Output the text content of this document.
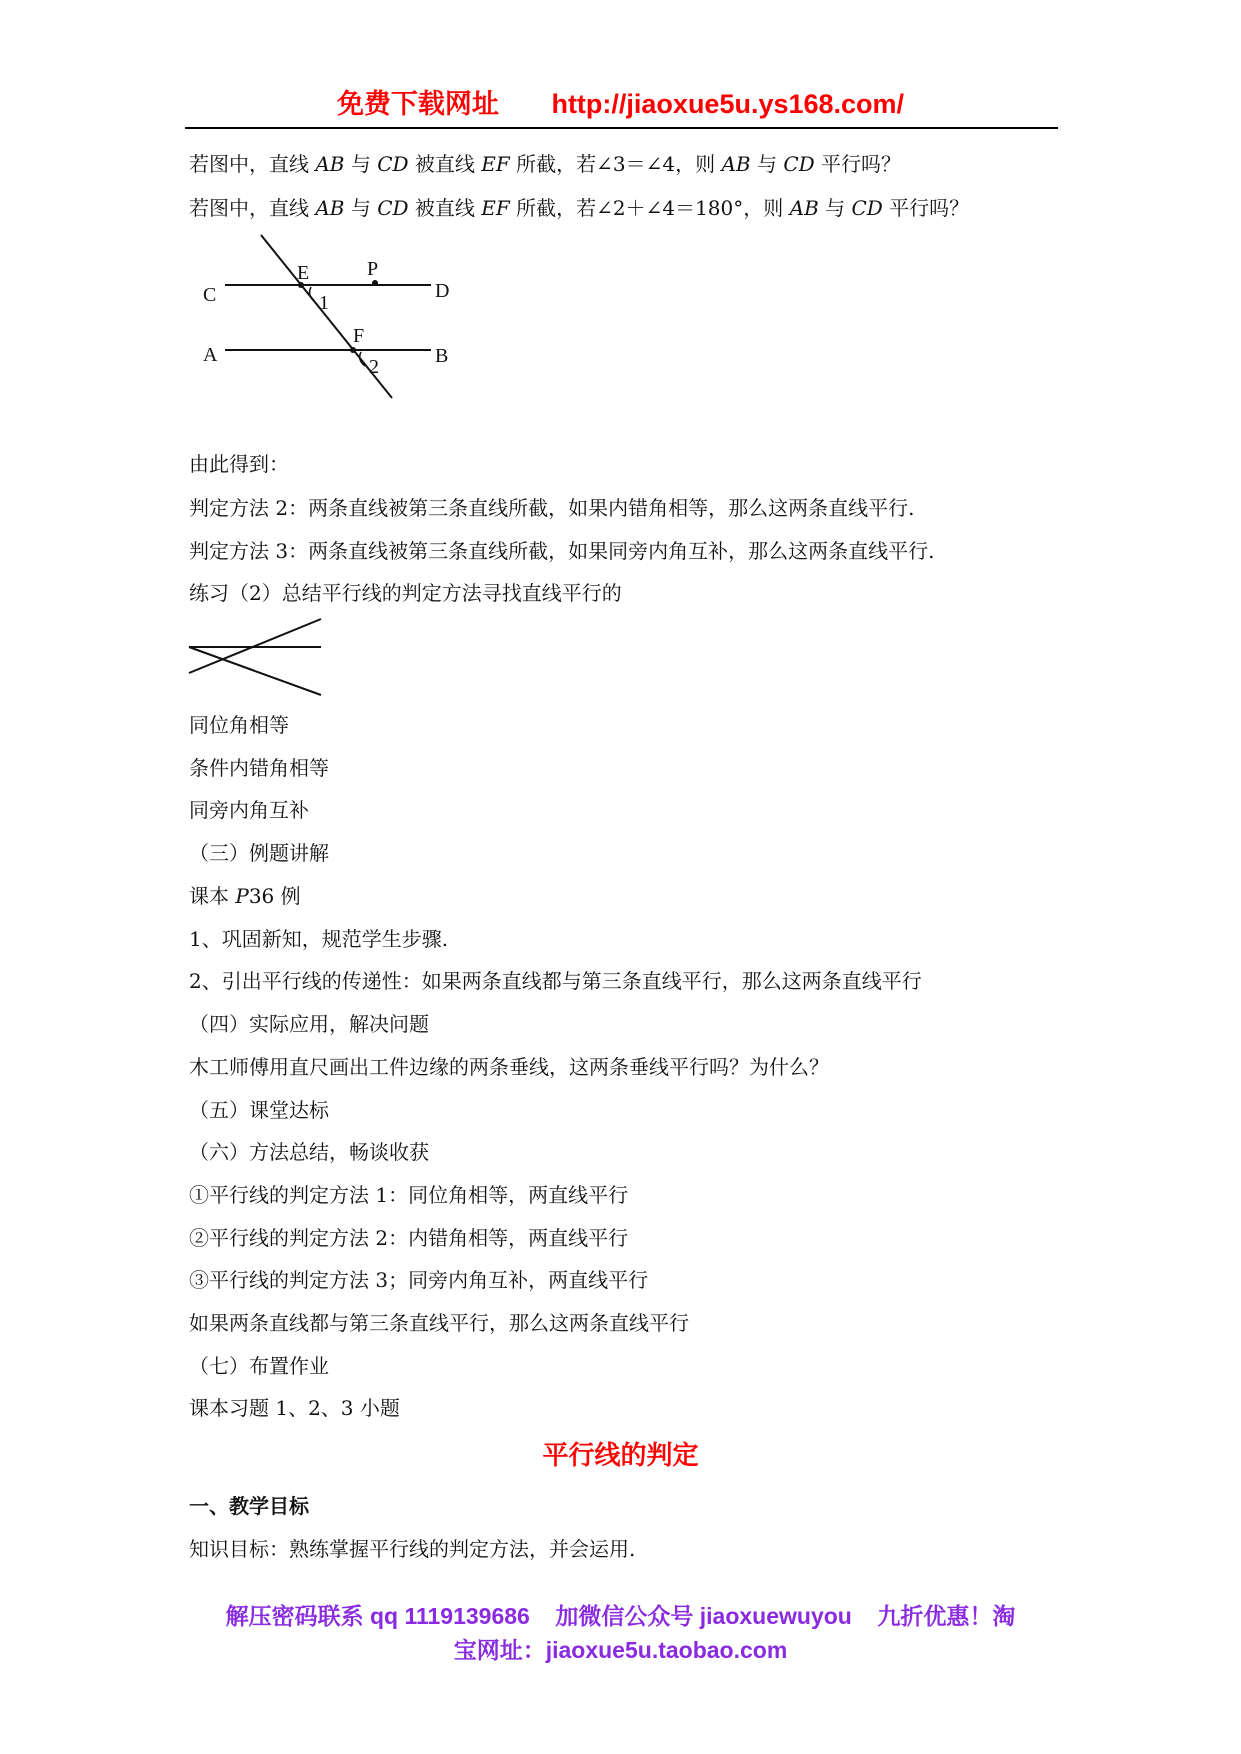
免费下载网址 http://jiaoxue5u.ys168.com/
若图中，直线 AB 与 CD 被直线 EF 所截，若∠3＝∠4，则 AB 与 CD 平行吗？
若图中，直线 AB 与 CD 被直线 EF 所截，若∠2＋∠4＝180°，则 AB 与 CD 平行吗？
C	D
E	P
1
A	B
F
2
由此得到：
判定方法 2：两条直线被第三条直线所截，如果内错角相等，那么这两条直线平行.
判定方法 3：两条直线被第三条直线所截，如果同旁内角互补，那么这两条直线平行.
练习（2）总结平行线的判定方法寻找直线平行的
同位角相等
条件内错角相等
同旁内角互补
（三）例题讲解
课本 P36 例
1、巩固新知，规范学生步骤.
2、引出平行线的传递性：如果两条直线都与第三条直线平行，那么这两条直线平行
（四）实际应用，解决问题
木工师傅用直尺画出工件边缘的两条垂线，这两条垂线平行吗？为什么？
（五）课堂达标
（六）方法总结，畅谈收获
①平行线的判定方法 1：同位角相等，两直线平行
②平行线的判定方法 2：内错角相等，两直线平行
③平行线的判定方法 3；同旁内角互补，两直线平行
如果两条直线都与第三条直线平行，那么这两条直线平行
（七）布置作业
课本习题 1、2、3 小题
平行线的判定
一、教学目标
知识目标：熟练掌握平行线的判定方法，并会运用.
解压密码联系 qq 1119139686    加微信公众号 jiaoxuewuyou    九折优惠！淘
宝网址：jiaoxue5u.taobao.com
